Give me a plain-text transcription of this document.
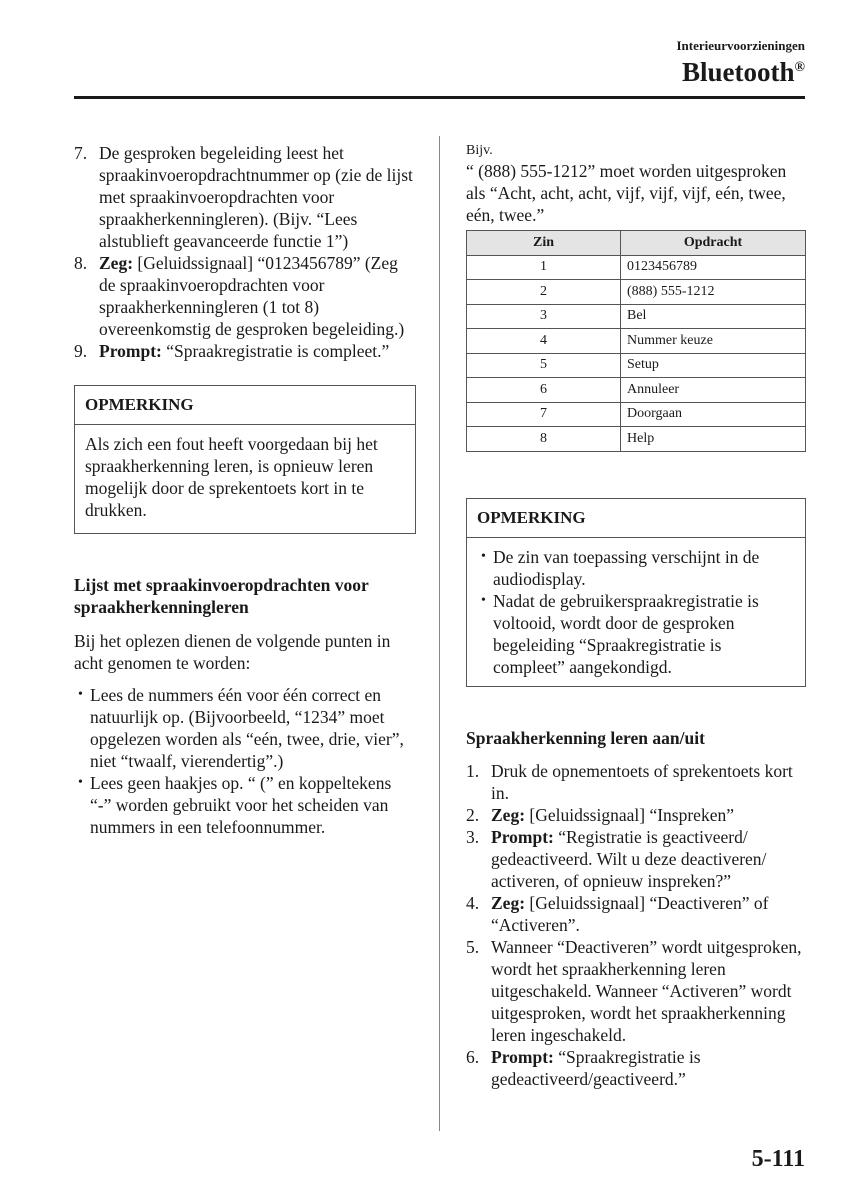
Interieurvoorzieningen
Bluetooth®
7. De gesproken begeleiding leest het spraakinvoeropdrachtnummer op (zie de lijst met spraakinvoeropdrachten voor spraakherkenningleren). (Bijv. “Lees alstublieft geavanceerde functie 1”)
8. Zeg: [Geluidssignaal] “0123456789” (Zeg de spraakinvoeropdrachten voor spraakherkenningleren (1 tot 8) overeenkomstig de gesproken begeleiding.)
9. Prompt: “Spraakregistratie is compleet.”
OPMERKING
Als zich een fout heeft voorgedaan bij het spraakherkenning leren, is opnieuw leren mogelijk door de sprekentoets kort in te drukken.
Lijst met spraakinvoeropdrachten voor spraakherkenningleren
Bij het oplezen dienen de volgende punten in acht genomen te worden:
• Lees de nummers één voor één correct en natuurlijk op. (Bijvoorbeeld, “1234” moet opgelezen worden als “eén, twee, drie, vier”, niet “twaalf, vierendertig”.)
• Lees geen haakjes op. “ (” en koppeltekens “-” worden gebruikt voor het scheiden van nummers in een telefoonnummer.
Bijv.
“ (888) 555-1212” moet worden uitgesproken als “Acht, acht, acht, vijf, vijf, vijf, eén, twee, eén, twee.”
Zin	Opdracht
1	0123456789
2	(888) 555-1212
3	Bel
4	Nummer keuze
5	Setup
6	Annuleer
7	Doorgaan
8	Help
OPMERKING
• De zin van toepassing verschijnt in de audiodisplay.
• Nadat de gebruikerspraakregistratie is voltooid, wordt door de gesproken begeleiding “Spraakregistratie is compleet” aangekondigd.
Spraakherkenning leren aan/uit
1. Druk de opnementoets of sprekentoets kort in.
2. Zeg: [Geluidssignaal] “Inspreken”
3. Prompt: “Registratie is geactiveerd/ gedeactiveerd. Wilt u deze deactiveren/ activeren, of opnieuw inspreken?”
4. Zeg: [Geluidssignaal] “Deactiveren” of “Activeren”.
5. Wanneer “Deactiveren” wordt uitgesproken, wordt het spraakherkenning leren uitgeschakeld. Wanneer “Activeren” wordt uitgesproken, wordt het spraakherkenning leren ingeschakeld.
6. Prompt: “Spraakregistratie is gedeactiveerd/geactiveerd.”
5-111
